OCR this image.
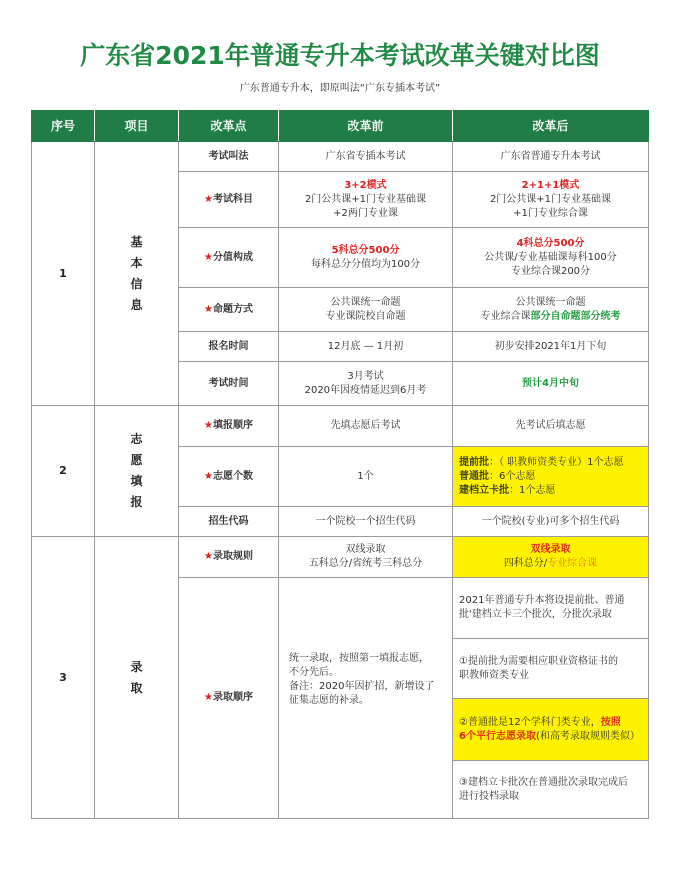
广东省2021年普通专升本考试改革关键对比图
广东普通专升本，即原叫法“广东专插本考试”
序号	项目	改革点	改革前	改革后
1	基
本
信
息	考试叫法	广东省专插本考试	广东省普通专升本考试
		★考试科目	3+2模式
2门公共课+1门专业基础课
+2两门专业课	2+1+1模式
2门公共课+1门专业基础课
+1门专业综合课

		★分值构成	5科总分500分
每科总分分值均为100分	4科总分500分
公共课/专业基础课每科100分
专业综合课200分

		★命题方式	公共课统一命题
专业课院校自命题	公共课统一命题
专业综合课部分自命题部分统考

		报名时间	12月底 — 1月初	初步安排2021年1月下旬
		考试时间	3月考试
2020年因疫情延迟到6月考	预计4月中旬
2	志
愿
填
报	★填报顺序	先填志愿后考试	先考试后填志愿
		★志愿个数	1个	提前批：（ 职教师资类专业）1个志愿
普通批：6个志愿
建档立卡批：1个志愿

		招生代码	一个院校一个招生代码	一个院校(专业)可多个招生代码
3	录
取	★录取规则	双线录取
五科总分/省统考三科总分	双线录取
四科总分/专业综合课

		★录取顺序	统一录取，按照第一填报志愿，
不分先后。
备注：2020年因扩招，新增设了
征集志愿的补录。	2021年普通专升本将设提前批、普通
批'建档立卡三个批次，分批次录取

				①提前批为需要相应职业资格证书的
职教师资类专业

				②普通批是12个学科门类专业，按照
6个平行志愿录取(和高考录取规则类似）

				③建档立卡批次在普通批次录取完成后
进行投档录取
